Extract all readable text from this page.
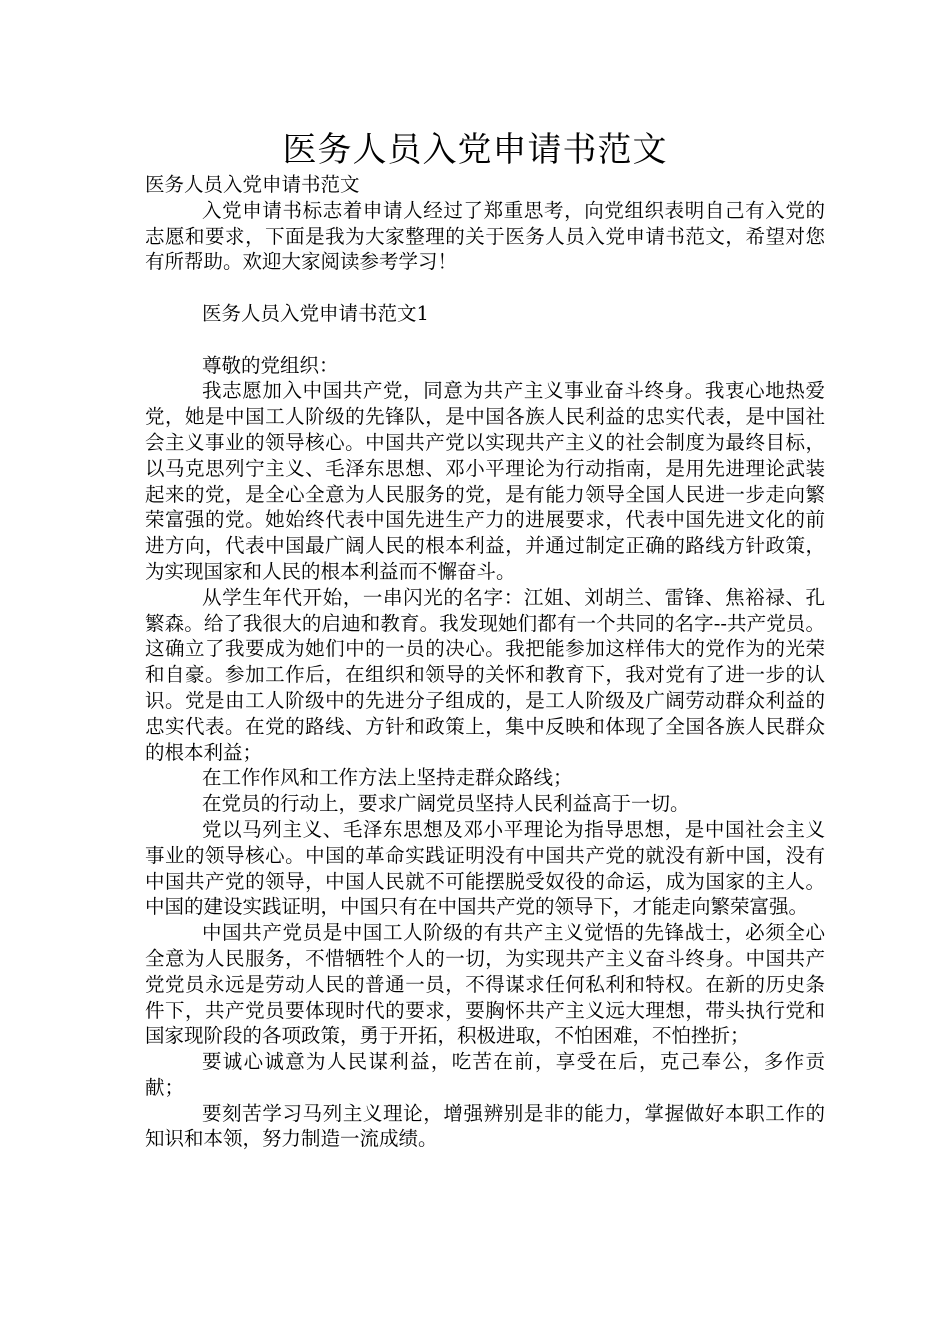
医务人员入党申请书范文

医务人员入党申请书范文

入党申请书标志着申请人经过了郑重思考，向党组织表明自己有入党的志愿和要求，下面是我为大家整理的关于医务人员入党申请书范文，希望对您有所帮助。欢迎大家阅读参考学习！

医务人员入党申请书范文1

尊敬的党组织：

我志愿加入中国共产党，同意为共产主义事业奋斗终身。我衷心地热爱党，她是中国工人阶级的先锋队，是中国各族人民利益的忠实代表，是中国社会主义事业的领导核心。中国共产党以实现共产主义的社会制度为最终目标，以马克思列宁主义、毛泽东思想、邓小平理论为行动指南，是用先进理论武装起来的党，是全心全意为人民服务的党，是有能力领导全国人民进一步走向繁荣富强的党。她始终代表中国先进生产力的进展要求，代表中国先进文化的前进方向，代表中国最广阔人民的根本利益，并通过制定正确的路线方针政策，为实现国家和人民的根本利益而不懈奋斗。

从学生年代开始，一串闪光的名字：江姐、刘胡兰、雷锋、焦裕禄、孔繁森。给了我很大的启迪和教育。我发现她们都有一个共同的名字--共产党员。这确立了我要成为她们中的一员的决心。我把能参加这样伟大的党作为的光荣和自豪。参加工作后，在组织和领导的关怀和教育下，我对党有了进一步的认识。党是由工人阶级中的先进分子组成的，是工人阶级及广阔劳动群众利益的忠实代表。在党的路线、方针和政策上，集中反映和体现了全国各族人民群众的根本利益；

在工作作风和工作方法上坚持走群众路线；

在党员的行动上，要求广阔党员坚持人民利益高于一切。

党以马列主义、毛泽东思想及邓小平理论为指导思想，是中国社会主义事业的领导核心。中国的革命实践证明没有中国共产党的就没有新中国，没有中国共产党的领导，中国人民就不可能摆脱受奴役的命运，成为国家的主人。中国的建设实践证明，中国只有在中国共产党的领导下，才能走向繁荣富强。

中国共产党员是中国工人阶级的有共产主义觉悟的先锋战士，必须全心全意为人民服务，不惜牺牲个人的一切，为实现共产主义奋斗终身。中国共产党党员永远是劳动人民的普通一员，不得谋求任何私利和特权。在新的历史条件下，共产党员要体现时代的要求，要胸怀共产主义远大理想，带头执行党和国家现阶段的各项政策，勇于开拓，积极进取，不怕困难，不怕挫折；

要诚心诚意为人民谋利益，吃苦在前，享受在后，克己奉公，多作贡献；

要刻苦学习马列主义理论，增强辨别是非的能力，掌握做好本职工作的知识和本领，努力制造一流成绩。
